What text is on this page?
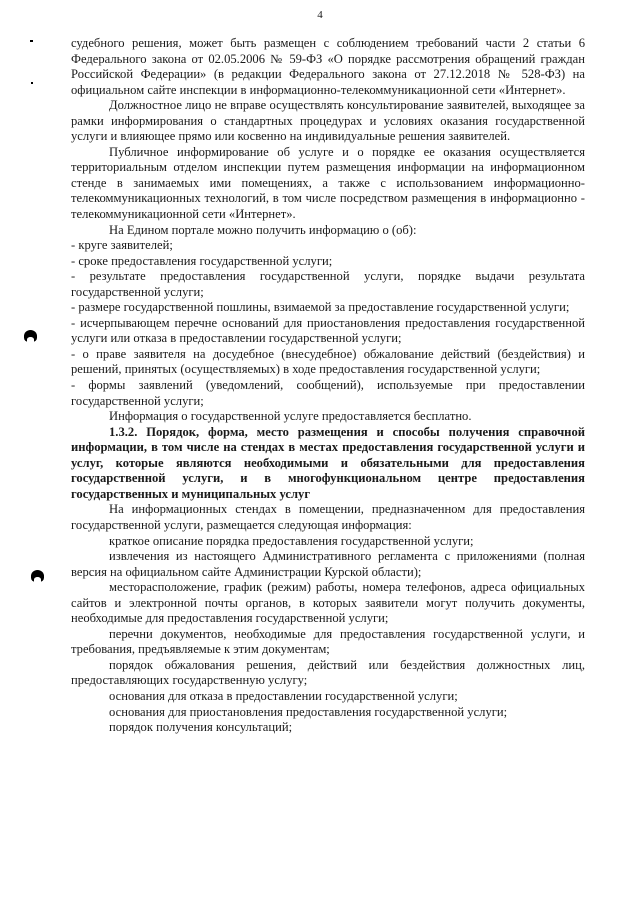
4

судебного решения, может быть размещен с соблюдением требований части 2 статьи 6 Федерального закона от 02.05.2006 № 59-ФЗ «О порядке рассмотрения обращений граждан Российской Федерации» (в редакции Федерального закона от 27.12.2018 № 528-ФЗ) на официальном сайте инспекции в информационно-телекоммуникационной сети «Интернет».

Должностное лицо не вправе осуществлять консультирование заявителей, выходящее за рамки информирования о стандартных процедурах и условиях оказания государственной услуги и влияющее прямо или косвенно на индивидуальные решения заявителей.

Публичное информирование об услуге и о порядке ее оказания осуществляется территориальным отделом инспекции путем размещения информации на информационном стенде в занимаемых ими помещениях, а также с использованием информационно-телекоммуникационных технологий, в том числе посредством размещения в информационно - телекоммуникационной сети «Интернет».

На Едином портале можно получить информацию о (об):

- круге заявителей;

- сроке предоставления государственной услуги;

- результате предоставления государственной услуги, порядке выдачи результата государственной услуги;

- размере государственной пошлины, взимаемой за предоставление государственной услуги;

- исчерпывающем перечне оснований для приостановления предоставления государственной услуги или отказа в предоставлении государственной услуги;

- о праве заявителя на досудебное (внесудебное) обжалование действий (бездействия) и решений, принятых (осуществляемых) в ходе предоставления государственной услуги;

- формы заявлений (уведомлений, сообщений), используемые при предоставлении государственной услуги;

Информация о государственной услуге предоставляется бесплатно.

1.3.2. Порядок, форма, место размещения и способы получения справочной информации, в том числе на стендах в местах предоставления государственной услуги и услуг, которые являются необходимыми и обязательными для предоставления государственной услуги, и в многофункциональном центре предоставления государственных и муниципальных услуг

На информационных стендах в помещении, предназначенном для предоставления государственной услуги, размещается следующая информация:

краткое описание порядка предоставления государственной услуги;

извлечения из настоящего Административного регламента с приложениями (полная версия на официальном сайте Администрации Курской области);

месторасположение, график (режим) работы, номера телефонов, адреса официальных сайтов и электронной почты органов, в которых заявители могут получить документы, необходимые для предоставления государственной услуги;

перечни документов, необходимые для предоставления государственной услуги, и требования, предъявляемые к этим документам;

порядок обжалования решения, действий или бездействия должностных лиц, предоставляющих государственную услугу;

основания для отказа в предоставлении государственной услуги;

основания для приостановления предоставления государственной услуги;

порядок получения консультаций;
